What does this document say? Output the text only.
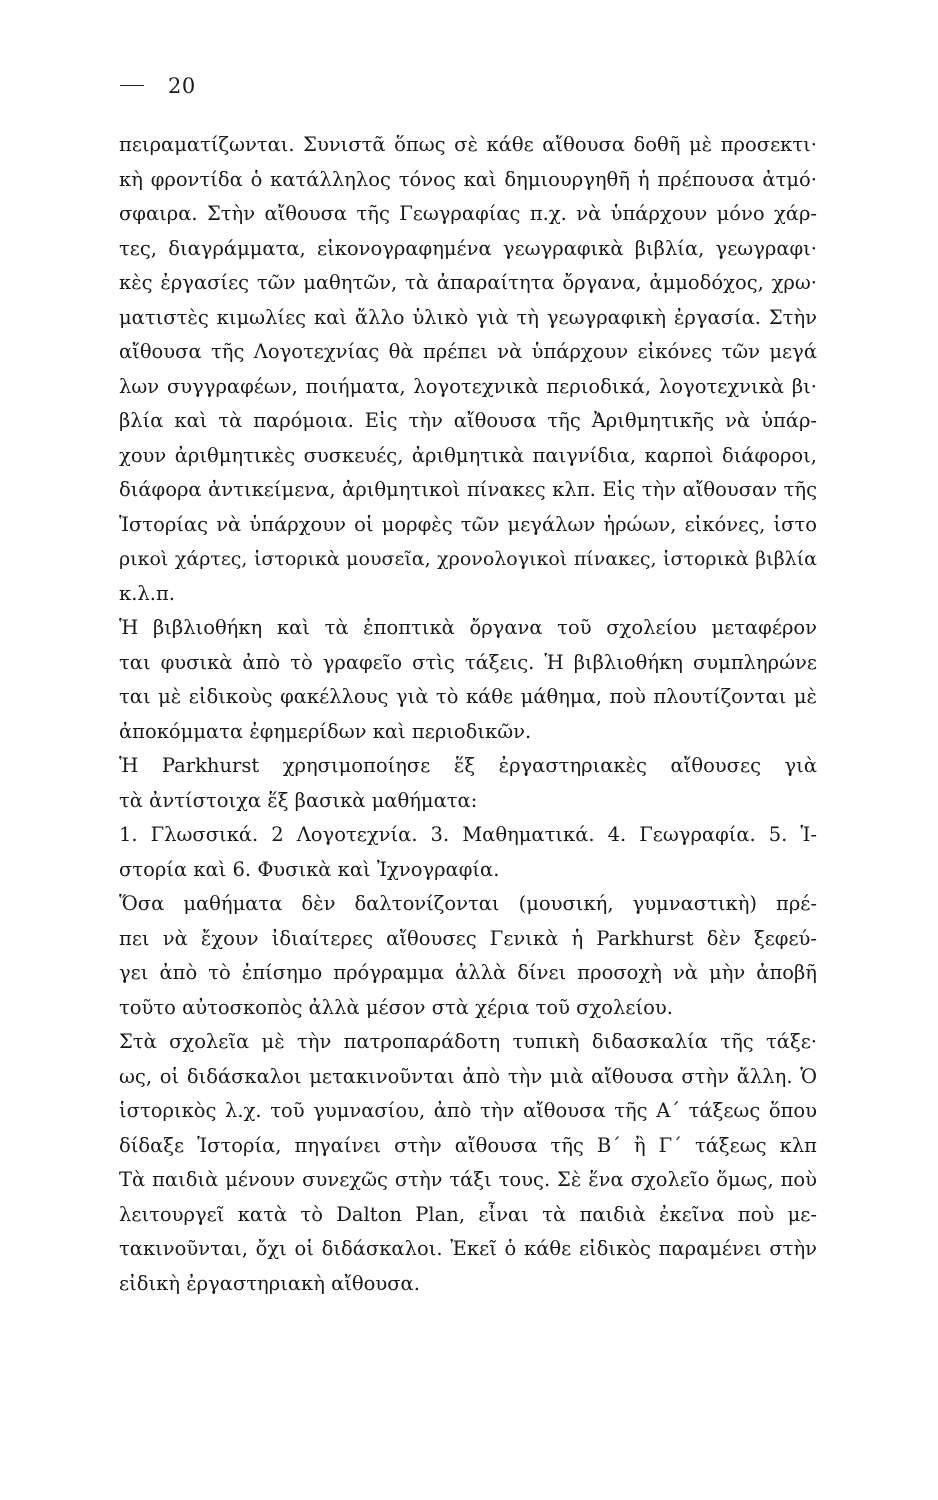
20
πειραματίζωνται. Συνιστᾶ ὅπως σὲ κάθε αἴθουσα δοθῆ μὲ προσεκτι·
κὴ φροντίδα ὁ κατάλληλος τόνος καὶ δημιουργηθῆ ἡ πρέπουσα ἀτμό·
σφαιρα. Στὴν αἴθουσα τῆς Γεωγραφίας π.χ. νὰ ὑπάρχουν μόνο χάρ-
τες, διαγράμματα, εἰκονογραφημένα γεωγραφικὰ βιβλία, γεωγραφι·
κὲς ἐργασίες τῶν μαθητῶν, τὰ ἀπαραίτητα ὄργανα, ἀμμοδόχος, χρω·
ματιστὲς κιμωλίες καὶ ἄλλο ὑλικὸ γιὰ τὴ γεωγραφικὴ ἐργασία. Στὴν
αἴθουσα τῆς Λογοτεχνίας θὰ πρέπει νὰ ὑπάρχουν εἰκόνες τῶν μεγά
λων συγγραφέων, ποιήματα, λογοτεχνικὰ περιοδικά, λογοτεχνικὰ βι·
βλία καὶ τὰ παρόμοια. Εἰς τὴν αἴθουσα τῆς Ἀριθμητικῆς νὰ ὑπάρ-
χουν ἀριθμητικὲς συσκευές, ἀριθμητικὰ παιγνίδια, καρποὶ διάφοροι,
διάφορα ἀντικείμενα, ἀριθμητικοὶ πίνακες κλπ. Εἰς τὴν αἴθουσαν τῆς
Ἱστορίας νὰ ὑπάρχουν οἱ μορφὲς τῶν μεγάλων ἡρώων, εἰκόνες, ἱστο
ρικοὶ χάρτες, ἱστορικὰ μουσεῖα, χρονολογικοὶ πίνακες, ἱστορικὰ βιβλία
κ.λ.π.
Ἡ βιβλιοθήκη καὶ τὰ ἐποπτικὰ ὄργανα τοῦ σχολείου μεταφέρον
ται φυσικὰ ἀπὸ τὸ γραφεῖο στὶς τάξεις. Ἡ βιβλιοθήκη συμπληρώνε
ται μὲ εἰδικοὺς φακέλλους γιὰ τὸ κάθε μάθημα, ποὺ πλουτίζονται μὲ
ἀποκόμματα ἐφημερίδων καὶ περιοδικῶν.
Ἡ Parkhurst χρησιμοποίησε ἕξ ἐργαστηριακὲς αἴθουσες γιὰ
τὰ ἀντίστοιχα ἕξ βασικὰ μαθήματα:
1. Γλωσσικά. 2 Λογοτεχνία. 3. Μαθηματικά. 4. Γεωγραφία. 5. Ἱ-
στορία καὶ 6. Φυσικὰ καὶ Ἰχνογραφία.
Ὅσα μαθήματα δὲν δαλτονίζονται (μουσική, γυμναστικὴ) πρέ-
πει νὰ ἔχουν ἰδιαίτερες αἴθουσες Γενικὰ ἡ Parkhurst δὲν ξεφεύ-
γει ἀπὸ τὸ ἐπίσημο πρόγραμμα ἀλλὰ δίνει προσοχὴ νὰ μὴν ἀποβῆ
τοῦτο αὐτοσκοπὸς ἀλλὰ μέσον στὰ χέρια τοῦ σχολείου.
Στὰ σχολεῖα μὲ τὴν πατροπαράδοτη τυπικὴ διδασκαλία τῆς τάξε·
ως, οἱ διδάσκαλοι μετακινοῦνται ἀπὸ τὴν μιὰ αἴθουσα στὴν ἄλλη. Ὁ
ἱστορικὸς λ.χ. τοῦ γυμνασίου, ἀπὸ τὴν αἴθουσα τῆς Α΄ τάξεως ὅπου
δίδαξε Ἱστορία, πηγαίνει στὴν αἴθουσα τῆς Β΄ ἢ Γ΄ τάξεως κλπ
Τὰ παιδιὰ μένουν συνεχῶς στὴν τάξι τους. Σὲ ἕνα σχολεῖο ὅμως, ποὺ
λειτουργεῖ κατὰ τὸ Dalton Plan, εἶναι τὰ παιδιὰ ἐκεῖνα ποὺ με-
τακινοῦνται, ὄχι οἱ διδάσκαλοι. Ἐκεῖ ὁ κάθε εἰδικὸς παραμένει στὴν
εἰδικὴ ἐργαστηριακὴ αἴθουσα.
